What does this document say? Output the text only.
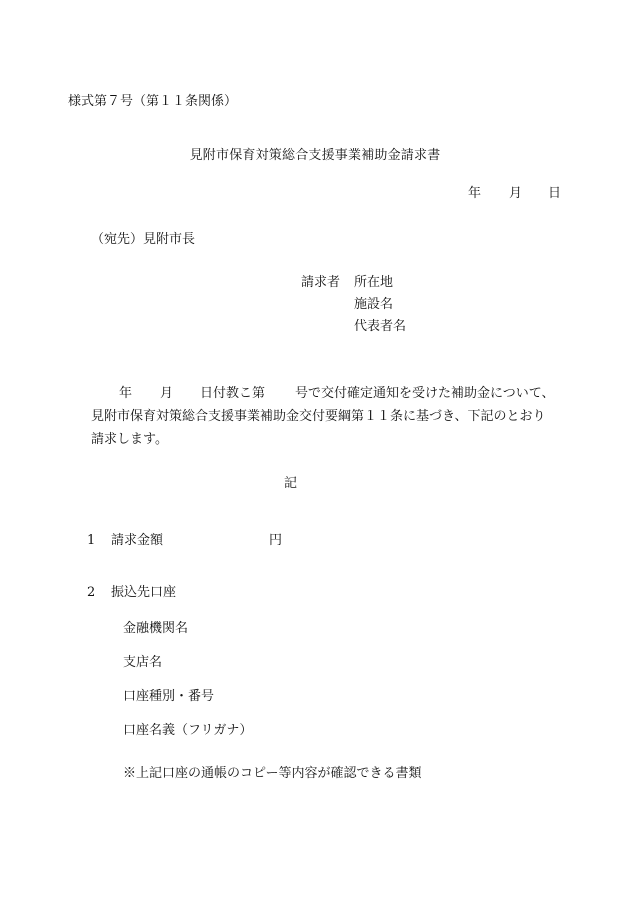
様式第７号（第１１条関係）
見附市保育対策総合支援事業補助金請求書
年 月 日
（宛先）見附市長
請求者 所在地
施設名
代表者名
年 月 日付教こ第 号で交付確定通知を受けた補助金について、
見附市保育対策総合支援事業補助金交付要綱第１１条に基づき、下記のとおり
請求します。
記
1 請求金額	円
2 振込先口座
金融機関名
支店名
口座種別・番号
口座名義（フリガナ）
※上記口座の通帳のコピー等内容が確認できる書類
